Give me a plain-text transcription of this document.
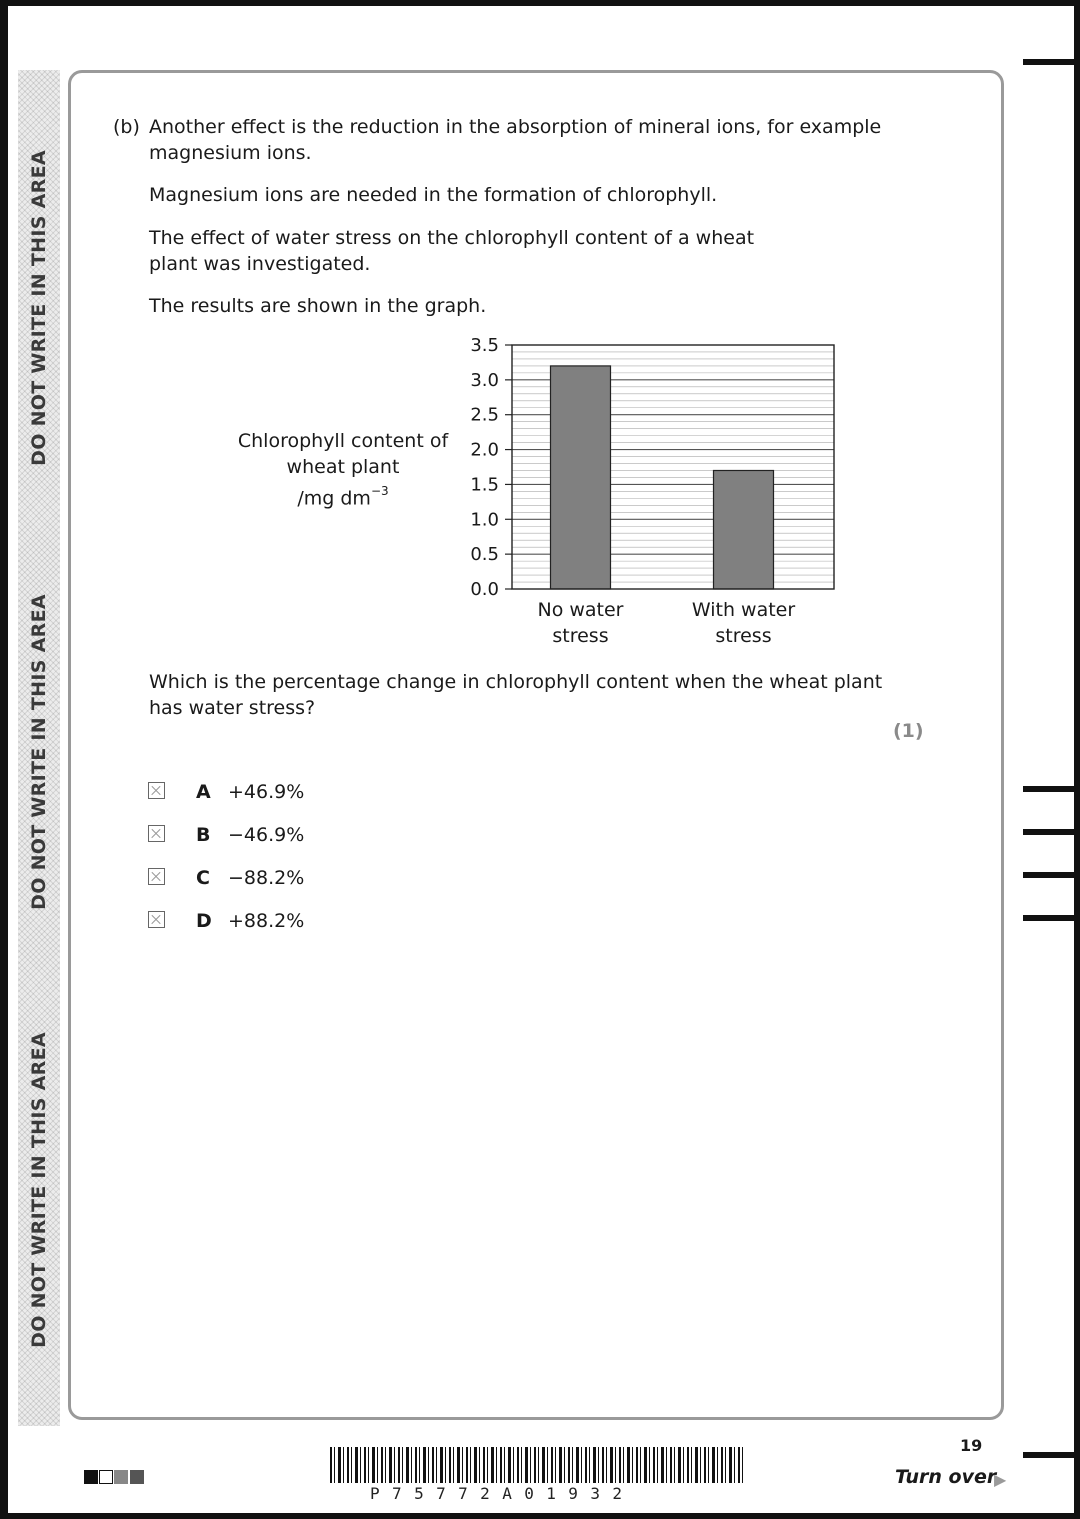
DO NOT WRITE IN THIS AREA
DO NOT WRITE IN THIS AREA
DO NOT WRITE IN THIS AREA
(b) Another effect is the reduction in the absorption of mineral ions, for example magnesium ions.
Magnesium ions are needed in the formation of chlorophyll.
The effect of water stress on the chlorophyll content of a wheat plant was investigated.
The results are shown in the graph.
Chlorophyll content of
wheat plant
/mg $dm^{-3}$
No water
stress
With water
stress
0.0
0.5
1.0
1.5
2.0
2.5
3.0
3.5
Which is the percentage change in chlorophyll content when the wheat plant has water stress?
(1)
A +46.9%
B −46.9%
C −88.2%
D +88.2%
P75772A01932
19
Turn over
▶
